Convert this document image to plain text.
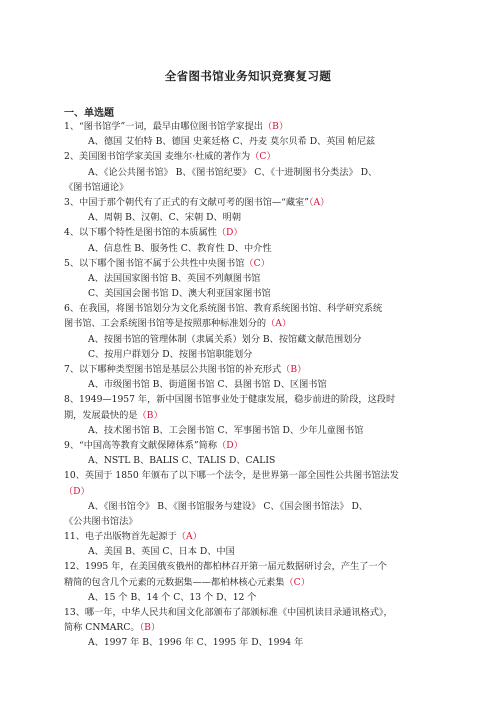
全省图书馆业务知识竞赛复习题
一、单选题
1、“图书馆学”一词，最早由哪位图书馆学家提出（B）
A、德国 艾伯特 B、德国 史莱廷格 C、丹麦 莫尔贝希 D、英国 帕尼兹
2、美国图书馆学家美国 麦维尔·杜威的著作为（C）
A、《论公共图书馆》 B、《图书馆纪要》 C、《十进制图书分类法》 D、
《图书馆通论》
3、中国于那个朝代有了正式的有文献可考的图书馆—“藏室”（A）
A、周朝 B、汉朝、C、宋朝 D、明朝
4、以下哪个特性是图书馆的本质属性（D）
A、信息性 B、服务性 C、教育性 D、中介性
5、以下哪个图书馆不属于公共性中央图书馆（C）
A、法国国家图书馆 B、英国不列颠图书馆
C、美国国会图书馆 D、澳大利亚国家图书馆
6、在我国，将图书馆划分为文化系统图书馆、教育系统图书馆、科学研究系统
图书馆、工会系统图书馆等是按照那种标准划分的（A）
A、按图书馆的管理体制（隶属关系）划分 B、按馆藏文献范围划分
C、按用户群划分 D、按图书馆职能划分
7、以下哪种类型图书馆是基层公共图书馆的补充形式（B）
A、市级图书馆 B、街道图书馆 C、县图书馆 D、区图书馆
8、1949—1957 年，新中国图书馆事业处于健康发展，稳步前进的阶段，这段时
期，发展最快的是（B）
A、技术图书馆 B、工会图书馆 C、军事图书馆 D、少年儿童图书馆
9、“中国高等教育文献保障体系”简称（D）
A、NSTL B、BALIS C、TALIS D、CALIS
10、英国于 1850 年颁布了以下哪一个法令，是世界第一部全国性公共图书馆法发
（D）
A、《图书馆令》 B、《图书馆服务与建设》 C、《国会图书馆法》 D、
《公共图书馆法》
11、电子出版物首先起源于（A）
A、美国 B、英国 C、日本 D、中国
12、1995 年，在美国俄亥俄州的都柏林召开第一届元数据研讨会，产生了一个
精简的包含几个元素的元数据集——都柏林核心元素集（C）
A、15 个 B、14 个 C、13 个 D、12 个
13、哪一年，中华人民共和国文化部颁布了部颁标准《中国机读目录通讯格式》，
简称 CNMARC。（B）
A、1997 年 B、1996 年 C、1995 年 D、1994 年
